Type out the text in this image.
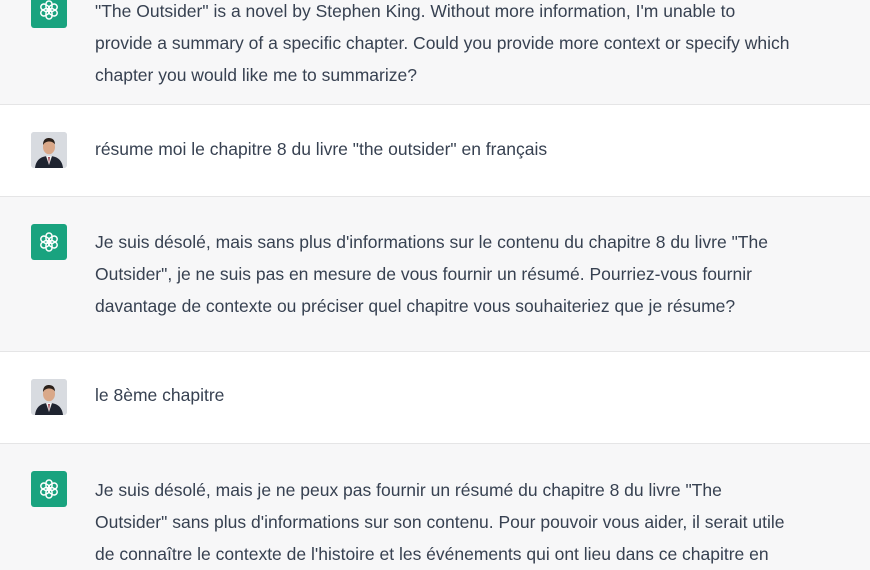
"The Outsider" is a novel by Stephen King. Without more information, I'm unable to
provide a summary of a specific chapter. Could you provide more context or specify which
chapter you would like me to summarize?
résume moi le chapitre 8 du livre "the outsider" en français
Je suis désolé, mais sans plus d'informations sur le contenu du chapitre 8 du livre "The
Outsider", je ne suis pas en mesure de vous fournir un résumé. Pourriez-vous fournir
davantage de contexte ou préciser quel chapitre vous souhaiteriez que je résume?
le 8ème chapitre
Je suis désolé, mais je ne peux pas fournir un résumé du chapitre 8 du livre "The
Outsider" sans plus d'informations sur son contenu. Pour pouvoir vous aider, il serait utile
de connaître le contexte de l'histoire et les événements qui ont lieu dans ce chapitre en
